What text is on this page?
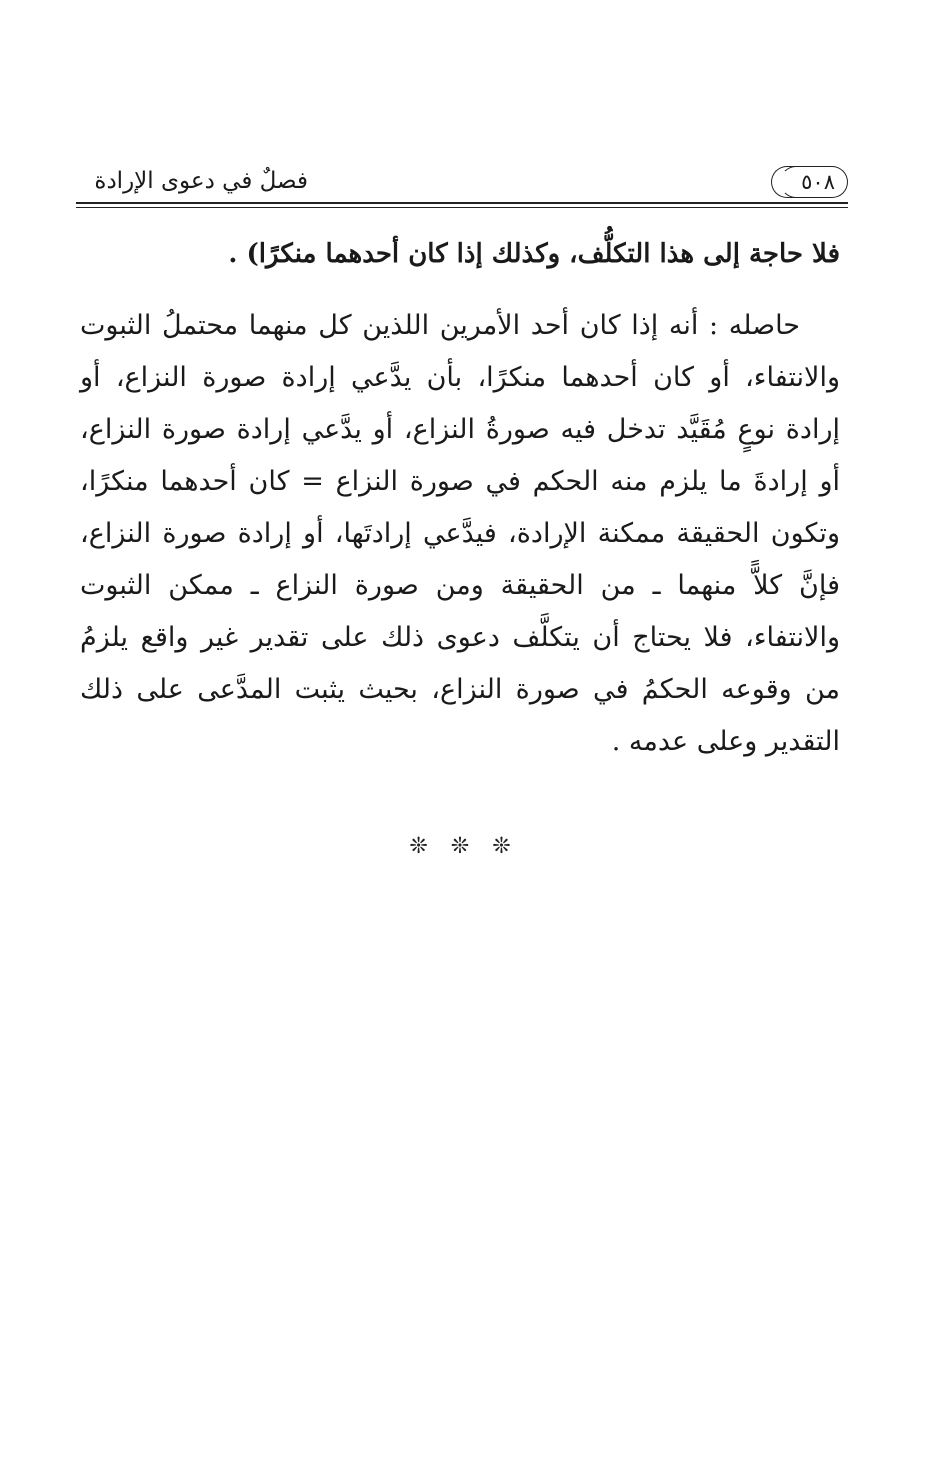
٥٠٨
فصلٌ في دعوى الإرادة
فلا حاجة إلى هذا التكلُّف، وكذلك إذا كان أحدهما منكرًا) .
حاصله : أنه إذا كان أحد الأمرين اللذين كل منهما محتملُ الثبوت
والانتفاء، أو كان أحدهما منكرًا، بأن يدَّعي إرادة صورة النزاع، أو
إرادة نوعٍ مُقَيَّد تدخل فيه صورةُ النزاع، أو يدَّعي إرادة صورة النزاع،
أو إرادةَ ما يلزم منه الحكم في صورة النزاع = كان أحدهما منكرًا،
وتكون الحقيقة ممكنة الإرادة، فيدَّعي إرادتَها، أو إرادة صورة النزاع،
فإنَّ كلاًّ منهما ـ من الحقيقة ومن صورة النزاع ـ ممكن الثبوت
والانتفاء، فلا يحتاج أن يتكلَّف دعوى ذلك على تقدير غير واقع يلزمُ
من وقوعه الحكمُ في صورة النزاع، بحيث يثبت المدَّعى على ذلك
التقدير وعلى عدمه .
❊ ❊ ❊
